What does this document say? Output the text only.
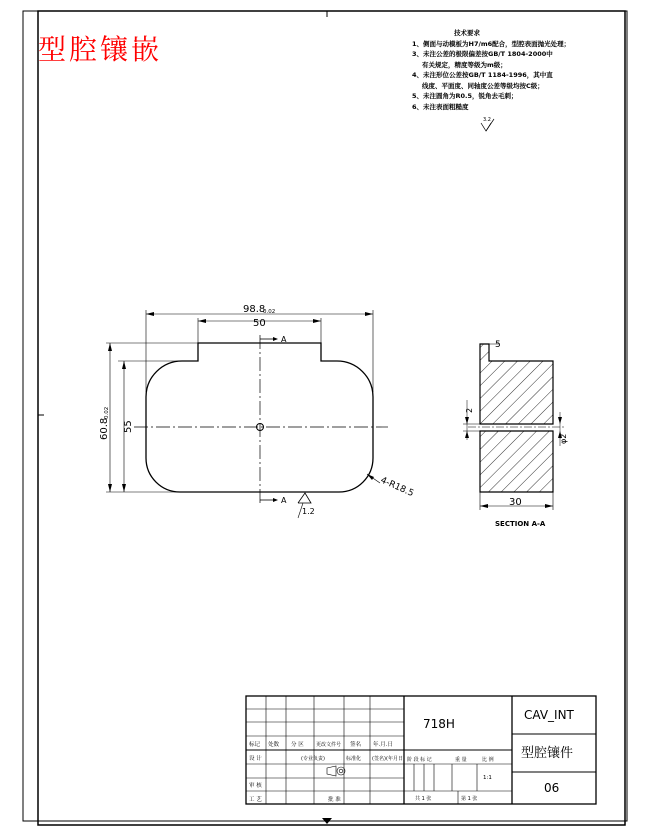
A
A
98.8
0.02
50
60.8
0.02
55
4-R18.5
1.2
5
2
φ2
30
SECTION A-A
3.2
标记 处数 分 区 更改文件号 签名 年.月.日
设 计	(专业负责)	标准化 (签名) (年月日)
审 核
工 艺	批 准
718H
CAV_INT
型腔镶件
06
阶 段 标 记	重 量	比 例
1:1
共 1 张	第 1 张
型腔镶嵌	技术要求
1、侧面与动模板为H7/m6配合，型腔表面抛光处理；
3、未注公差的极限偏差按GB/T 1804-2000中
有关规定，精度等级为m级；
4、未注形位公差按GB/T 1184-1996，其中直
线度、平面度、同轴度公差等级均按C级；
5、未注圆角为R0.5，锐角去毛刺；
6、未注表面粗糙度
